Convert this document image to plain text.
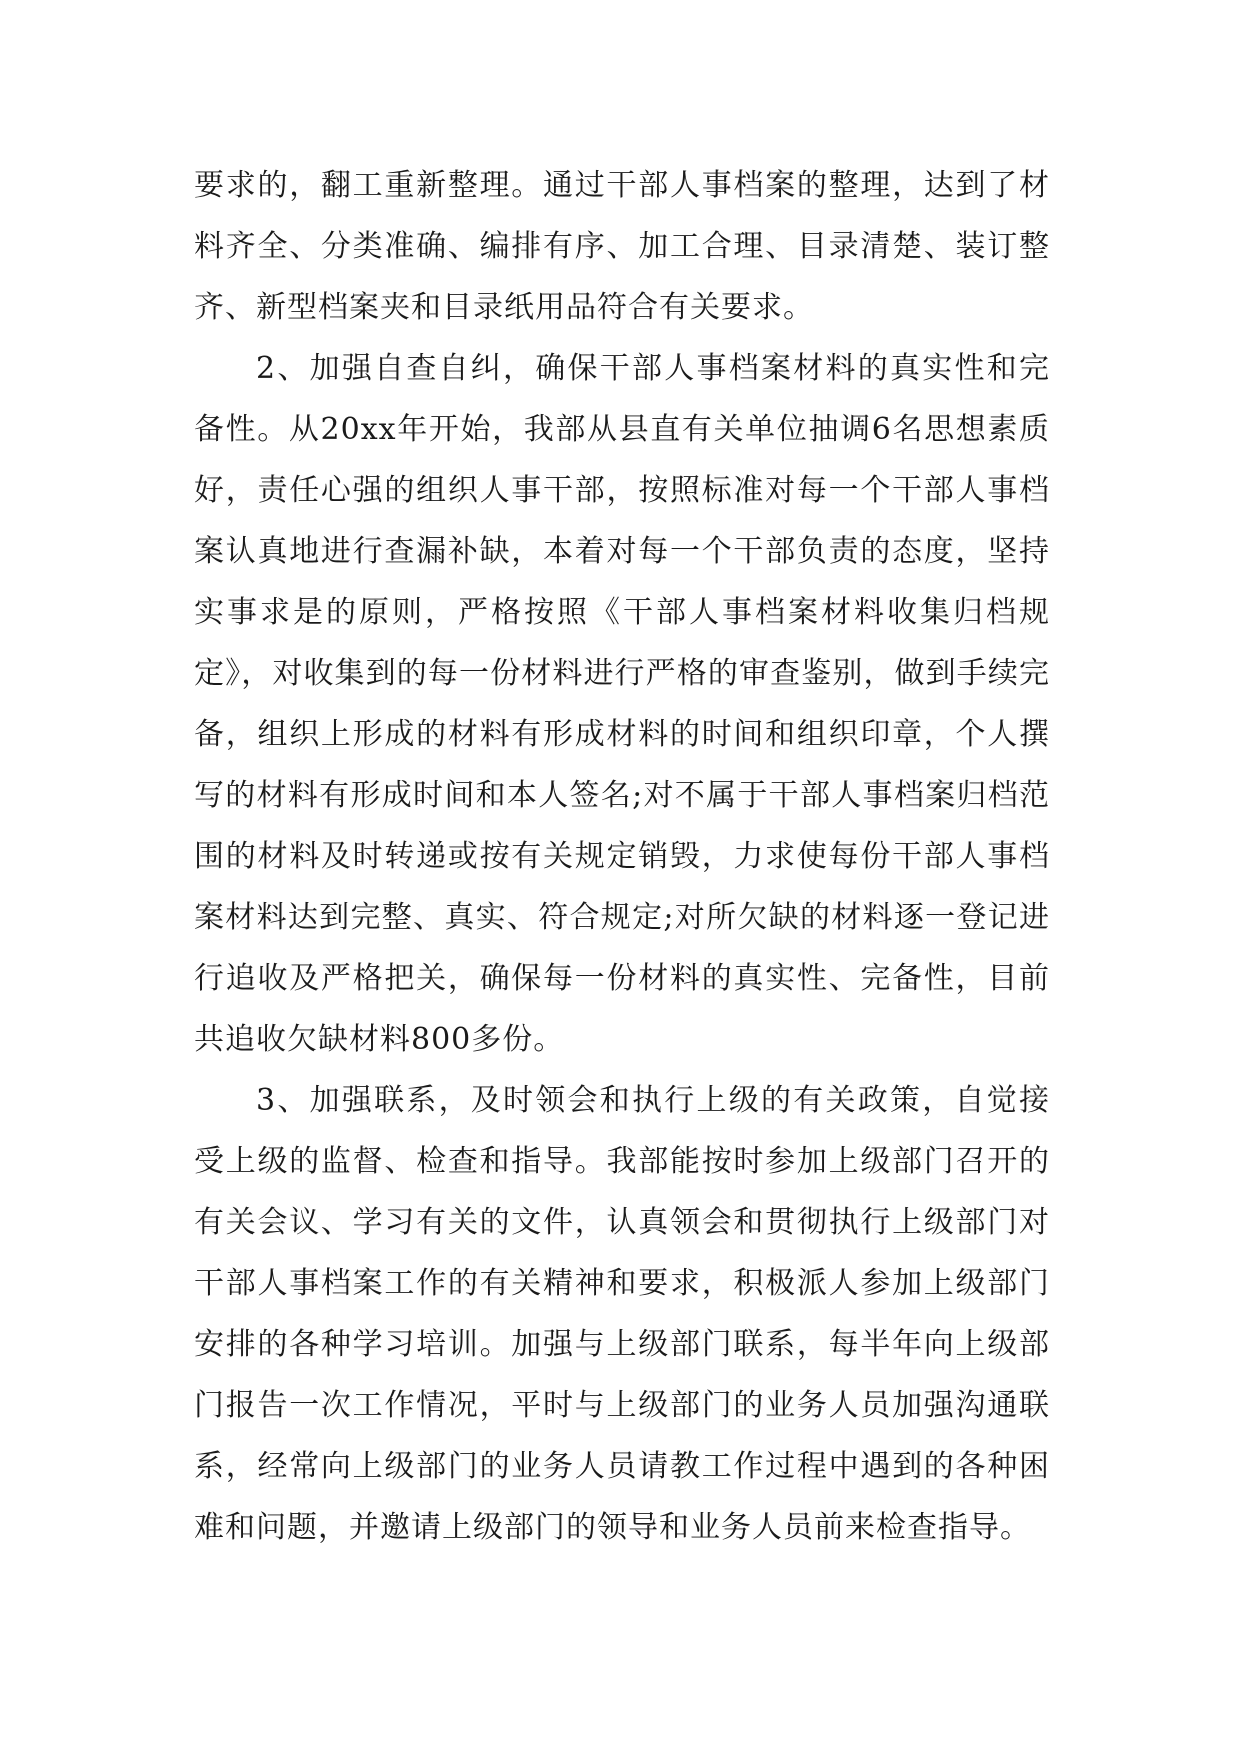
要求的，翻工重新整理。通过干部人事档案的整理，达到了材料齐全、分类准确、编排有序、加工合理、目录清楚、装订整齐、新型档案夹和目录纸用品符合有关要求。

2、加强自查自纠，确保干部人事档案材料的真实性和完备性。从20xx年开始，我部从县直有关单位抽调6名思想素质好，责任心强的组织人事干部，按照标准对每一个干部人事档案认真地进行查漏补缺，本着对每一个干部负责的态度，坚持实事求是的原则，严格按照《干部人事档案材料收集归档规定》，对收集到的每一份材料进行严格的审查鉴别，做到手续完备，组织上形成的材料有形成材料的时间和组织印章，个人撰写的材料有形成时间和本人签名;对不属于干部人事档案归档范围的材料及时转递或按有关规定销毁，力求使每份干部人事档案材料达到完整、真实、符合规定;对所欠缺的材料逐一登记进行追收及严格把关，确保每一份材料的真实性、完备性，目前共追收欠缺材料800多份。

3、加强联系，及时领会和执行上级的有关政策，自觉接受上级的监督、检查和指导。我部能按时参加上级部门召开的有关会议、学习有关的文件，认真领会和贯彻执行上级部门对干部人事档案工作的有关精神和要求，积极派人参加上级部门安排的各种学习培训。加强与上级部门联系，每半年向上级部门报告一次工作情况，平时与上级部门的业务人员加强沟通联系，经常向上级部门的业务人员请教工作过程中遇到的各种困难和问题，并邀请上级部门的领导和业务人员前来检查指导。
